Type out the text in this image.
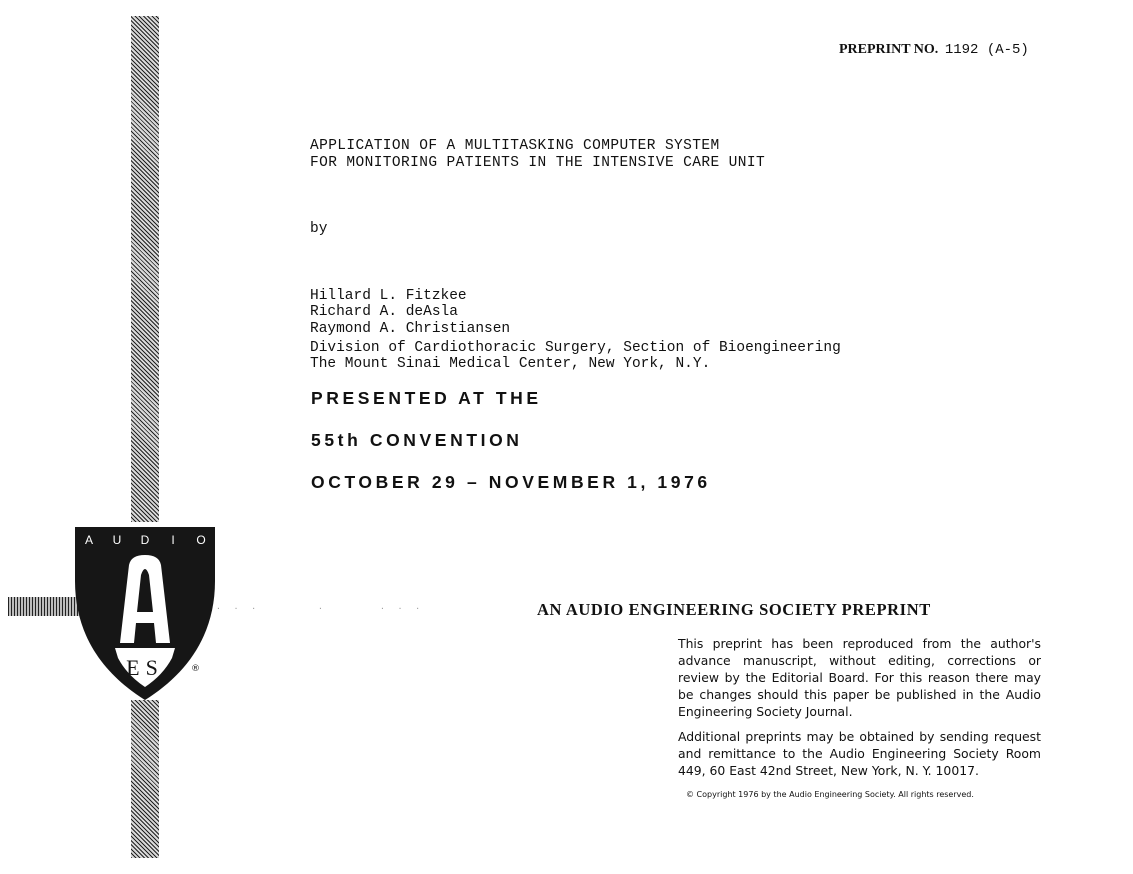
A U D I O
ES	®
· · ·	·	· · ·
PREPRINT NO. 1192 (A-5)
APPLICATION OF A MULTITASKING COMPUTER SYSTEM
FOR MONITORING PATIENTS IN THE INTENSIVE CARE UNIT
by
Hillard L. Fitzkee
Richard A. deAsla
Raymond A. Christiansen
Division of Cardiothoracic Surgery, Section of Bioengineering
The Mount Sinai Medical Center, New York, N.Y.
PRESENTED AT THE
55th CONVENTION
OCTOBER 29 – NOVEMBER 1, 1976
AN AUDIO ENGINEERING SOCIETY PREPRINT
This preprint has been reproduced from the author's advance manuscript, without editing, corrections or review by the Editorial Board. For this reason there may be changes should this paper be published in the Audio Engineering Society Journal.
Additional preprints may be obtained by sending request and remittance to the Audio Engineering Society Room 449, 60 East 42nd Street, New York, N. Y. 10017.
© Copyright 1976 by the Audio Engineering Society. All rights reserved.
